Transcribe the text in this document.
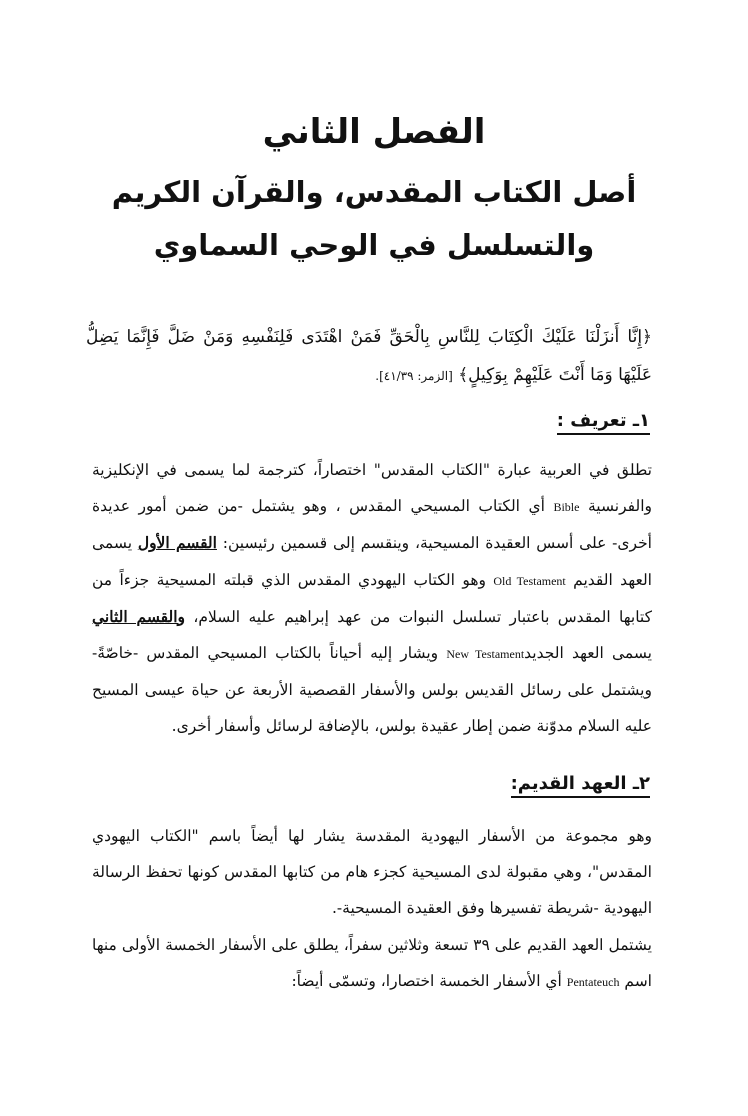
الفصل الثاني
أصل الكتاب المقدس، والقرآن الكريم
والتسلسل في الوحي السماوي
﴿إِنَّا أَنزَلْنَا عَلَيْكَ الْكِتَابَ لِلنَّاسِ بِالْحَقِّ فَمَنْ اهْتَدَى فَلِنَفْسِهِ وَمَنْ ضَلَّ فَإِنَّمَا يَضِلُّ عَلَيْهَا وَمَا أَنْتَ عَلَيْهِمْ بِوَكِيلٍ﴾ [الزمر: ٤١/٣٩].
١ـ تعريف :
تطلق في العربية عبارة "الكتاب المقدس" اختصاراً، كترجمة لما يسمى في الإنكليزية والفرنسية Bible أي الكتاب المسيحي المقدس ، وهو يشتمل -من ضمن أمور عديدة أخرى- على أسس العقيدة المسيحية، وينقسم إلى قسمين رئيسين: القسم الأول يسمى العهد القديم Old Testament وهو الكتاب اليهودي المقدس الذي قبلته المسيحية جزءاً من كتابها المقدس باعتبار تسلسل النبوات من عهد إبراهيم عليه السلام، والقسم الثاني يسمى العهد الجديدNew Testament ويشار إليه أحياناً بالكتاب المسيحي المقدس -خاصّةً- ويشتمل على رسائل القديس بولس والأسفار القصصية الأربعة عن حياة عيسى المسيح عليه السلام مدوّنة ضمن إطار عقيدة بولس، بالإضافة لرسائل وأسفار أخرى.
٢ـ العهد القديم:
وهو مجموعة من الأسفار اليهودية المقدسة يشار لها أيضاً باسم "الكتاب اليهودي المقدس"، وهي مقبولة لدى المسيحية كجزء هام من كتابها المقدس كونها تحفظ الرسالة اليهودية -شريطة تفسيرها وفق العقيدة المسيحية-.
يشتمل العهد القديم على ٣٩ تسعة وثلاثين سفراً، يطلق على الأسفار الخمسة الأولى منها اسم Pentateuch أي الأسفار الخمسة اختصارا، وتسمّى أيضاً:
